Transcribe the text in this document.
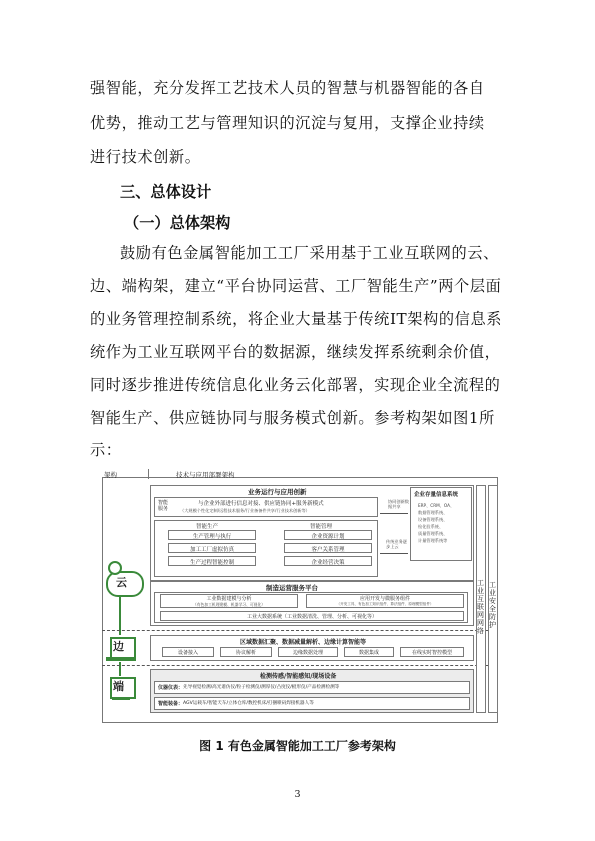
强智能，充分发挥工艺技术人员的智慧与机器智能的各自
优势，推动工艺与管理知识的沉淀与复用，支撑企业持续
进行技术创新。
三、总体设计
（一）总体架构
鼓励有色金属智能加工工厂采用基于工业互联网的云、
边、端构架，建立“平台协同运营、工厂智能生产”两个层面
的业务管理控制系统，将企业大量基于传统IT架构的信息系
统作为工业互联网平台的数据源，继续发挥系统剩余价值，
同时逐步推进传统信息化业务云化部署，实现企业全流程的
智能生产、供应链协同与服务模式创新。参考构架如图1所
示：
架构	技术与应用部署架构
云
边
端
业务运行与应用创新
智能服务
与企业外部进行信息对接、供应链协同+服务新模式
（大规模个性化定制/远程技术服务/行业备备件共享/行业技术创新等）
智能生产	智能管理
生产管理与执行
加工工厂虚拟仿真
生产过程智能控制
企业资源计划
客户关系管理
企业经营决策
协同创新数据共享
传统业务逐步上云
企业存量信息系统
ERP、CRM、OA、
数据管理系统、
设备管理系统、
检化验系统、
质量管理系统、
计量管理系统等
制造运营服务平台
工业数据建模与分析
（有色加工机理建模、机器学习、可视化）
应用开发与微服务组件
（开发工具、有色加工知识组件、算法组件、原理模型组件）
工业大数据系统（工业数据清洗、管理、分析、可视化等）
区域数据汇聚、数据减量解析、边缘计算智能等
设备接入	协议解析	边缘数据处理	数据集成	在线实时智控模型
检测传感/智能感知/现场设备
仪器仪表： 先导视觉检测/高光谱仿仪/粒子检测仪/测厚仪/凸度仪/板形仪/产品检测检测等
智能装备： AGV运载车/智能天车/立体仓库/数控机床/打捆喷码焊接机器人等
工业互联网网络
工业安全防护
图 1 有色金属智能加工工厂参考架构
3
